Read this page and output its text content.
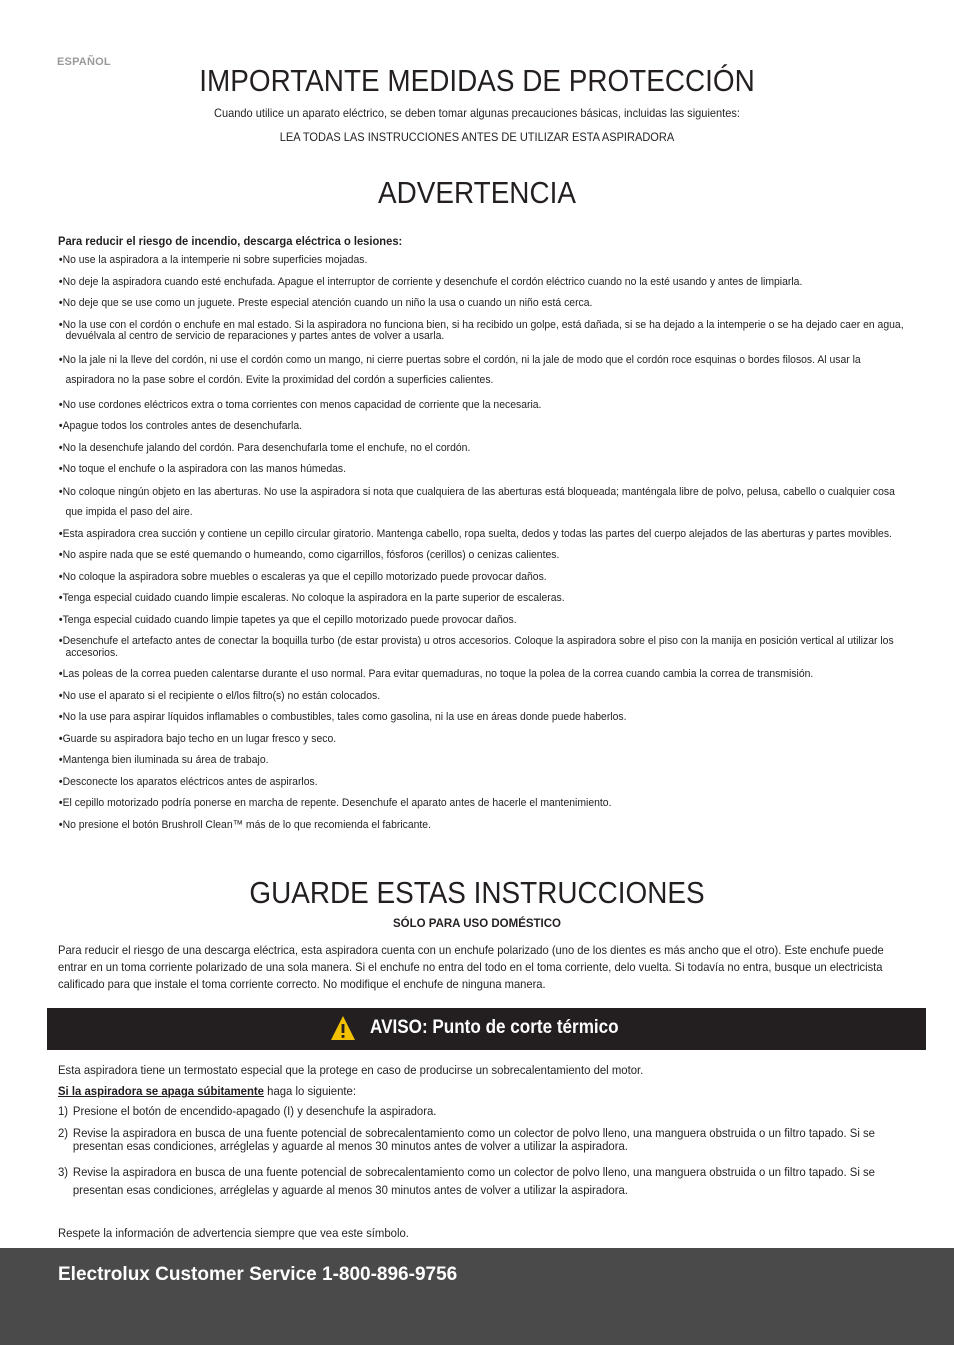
ESPAÑOL
IMPORTANTE MEDIDAS DE PROTECCIÓN
Cuando utilice un aparato eléctrico, se deben tomar algunas precauciones básicas, incluidas las siguientes:
LEA TODAS LAS INSTRUCCIONES ANTES DE UTILIZAR ESTA ASPIRADORA
ADVERTENCIA
Para reducir el riesgo de incendio, descarga eléctrica o lesiones:
• No use la aspiradora a la intemperie ni sobre superficies mojadas.
• No deje la aspiradora cuando esté enchufada. Apague el interruptor de corriente y desenchufe el cordón eléctrico cuando no la esté usando y antes de limpiarla.
• No deje que se use como un juguete. Preste especial atención cuando un niño la usa o cuando un niño está cerca.
• No la use con el cordón o enchufe en mal estado. Si la aspiradora no funciona bien, si ha recibido un golpe, está dañada, si se ha dejado a la intemperie o se ha dejado caer en agua, devuélvala al centro de servicio de reparaciones y partes antes de volver a usarla.
• No la jale ni la lleve del cordón, ni use el cordón como un mango, ni cierre puertas sobre el cordón, ni la jale de modo que el cordón roce esquinas o bordes filosos. Al usar la aspiradora no la pase sobre el cordón. Evite la proximidad del cordón a superficies calientes.
• No use cordones eléctricos extra o toma corrientes con menos capacidad de corriente que la necesaria.
• Apague todos los controles antes de desenchufarla.
• No la desenchufe jalando del cordón. Para desenchufarla tome el enchufe, no el cordón.
• No toque el enchufe o la aspiradora con las manos húmedas.
• No coloque ningún objeto en las aberturas. No use la aspiradora si nota que cualquiera de las aberturas está bloqueada; manténgala libre de polvo, pelusa, cabello o cualquier cosa que impida el paso del aire.
• Esta aspiradora crea succión y contiene un cepillo circular giratorio. Mantenga cabello, ropa suelta, dedos y todas las partes del cuerpo alejados de las aberturas y partes movibles.
• No aspire nada que se esté quemando o humeando, como cigarrillos, fósforos (cerillos) o cenizas calientes.
• No coloque la aspiradora sobre muebles o escaleras ya que el cepillo motorizado puede provocar daños.
• Tenga especial cuidado cuando limpie escaleras. No coloque la aspiradora en la parte superior de escaleras.
• Tenga especial cuidado cuando limpie tapetes ya que el cepillo motorizado puede provocar daños.
• Desenchufe el artefacto antes de conectar la boquilla turbo (de estar provista) u otros accesorios. Coloque la aspiradora sobre el piso con la manija en posición vertical al utilizar los accesorios.
• Las poleas de la correa pueden calentarse durante el uso normal. Para evitar quemaduras, no toque la polea de la correa cuando cambia la correa de transmisión.
• No use el aparato si el recipiente o el/los filtro(s) no están colocados.
• No la use para aspirar líquidos inflamables o combustibles, tales como gasolina, ni la use en áreas donde puede haberlos.
• Guarde su aspiradora bajo techo en un lugar fresco y seco.
• Mantenga bien iluminada su área de trabajo.
• Desconecte los aparatos eléctricos antes de aspirarlos.
• El cepillo motorizado podría ponerse en marcha de repente. Desenchufe el aparato antes de hacerle el mantenimiento.
• No presione el botón Brushroll Clean™ más de lo que recomienda el fabricante.
GUARDE ESTAS INSTRUCCIONES
SÓLO PARA USO DOMÉSTICO
Para reducir el riesgo de una descarga eléctrica, esta aspiradora cuenta con un enchufe polarizado (uno de los dientes es más ancho que el otro). Este enchufe puede entrar en un toma corriente polarizado de una sola manera. Si el enchufe no entra del todo en el toma corriente, delo vuelta. Si todavía no entra, busque un electricista calificado para que instale el toma corriente correcto. No modifique el enchufe de ninguna manera.
AVISO: Punto de corte térmico
Esta aspiradora tiene un termostato especial que la protege en caso de producirse un sobrecalentamiento del motor.
Si la aspiradora se apaga súbitamente haga lo siguiente:
1) Presione el botón de encendido-apagado (I) y desenchufe la aspiradora.
2) Revise la aspiradora en busca de una fuente potencial de sobrecalentamiento como un colector de polvo lleno, una manguera obstruida o un filtro tapado. Si se presentan esas condiciones, arréglelas y aguarde al menos 30 minutos antes de volver a utilizar la aspiradora.
3) Revise la aspiradora en busca de una fuente potencial de sobrecalentamiento como un colector de polvo lleno, una manguera obstruida o un filtro tapado. Si se presentan esas condiciones, arréglelas y aguarde al menos 30 minutos antes de volver a utilizar la aspiradora.
Respete la información de advertencia siempre que vea este símbolo.
Electrolux Customer Service 1-800-896-9756
